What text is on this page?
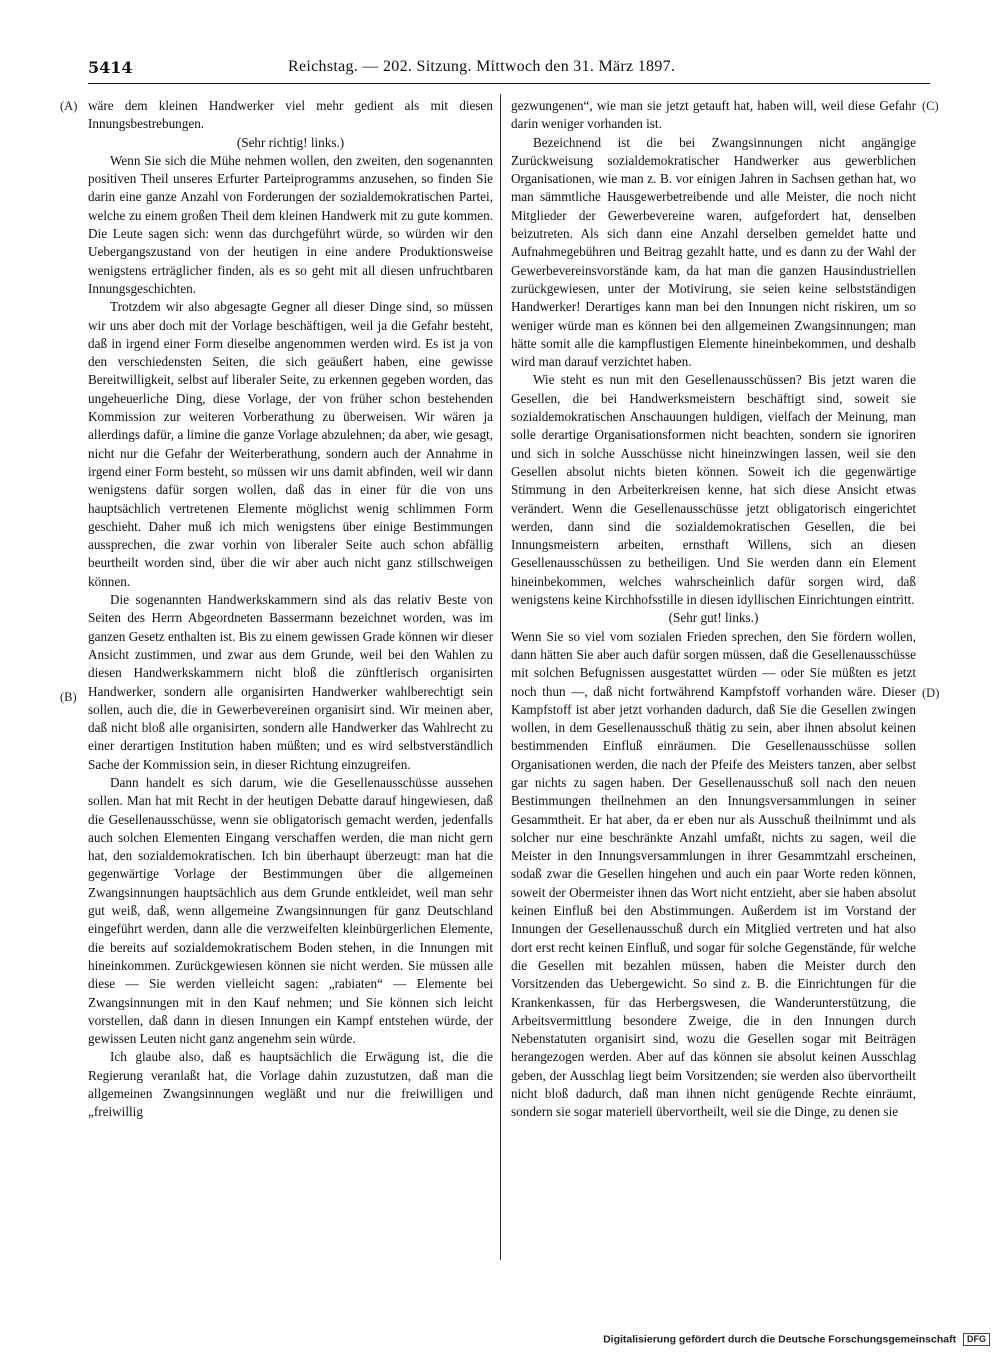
5414	Reichstag. — 202. Sitzung. Mittwoch den 31. März 1897.
(A)
(B)
(C)
(D)

wäre dem kleinen Handwerker viel mehr gedient als mit diesen Innungsbestrebungen.

(Sehr richtig! links.)

Wenn Sie sich die Mühe nehmen wollen, den zweiten, den sogenannten positiven Theil unseres Erfurter Parteiprogramms anzusehen, so finden Sie darin eine ganze Anzahl von Forderungen der sozialdemokratischen Partei, welche zu einem großen Theil dem kleinen Handwerk mit zu gute kommen. Die Leute sagen sich: wenn das durchgeführt würde, so würden wir den Uebergangszustand von der heutigen in eine andere Produktionsweise wenigstens erträglicher finden, als es so geht mit all diesen unfruchtbaren Innungsgeschichten.

Trotzdem wir also abgesagte Gegner all dieser Dinge sind, so müssen wir uns aber doch mit der Vorlage beschäftigen, weil ja die Gefahr besteht, daß in irgend einer Form dieselbe angenommen werden wird. Es ist ja von den verschiedensten Seiten, die sich geäußert haben, eine gewisse Bereitwilligkeit, selbst auf liberaler Seite, zu erkennen gegeben worden, das ungeheuerliche Ding, diese Vorlage, der von früher schon bestehenden Kommission zur weiteren Vorberathung zu überweisen. Wir wären ja allerdings dafür, a limine die ganze Vorlage abzulehnen; da aber, wie gesagt, nicht nur die Gefahr der Weiterberathung, sondern auch der Annahme in irgend einer Form besteht, so müssen wir uns damit abfinden, weil wir dann wenigstens dafür sorgen wollen, daß das in einer für die von uns hauptsächlich vertretenen Elemente möglichst wenig schlimmen Form geschieht. Daher muß ich mich wenigstens über einige Bestimmungen aussprechen, die zwar vorhin von liberaler Seite auch schon abfällig beurtheilt worden sind, über die wir aber auch nicht ganz stillschweigen können.

Die sogenannten Handwerkskammern sind als das relativ Beste von Seiten des Herrn Abgeordneten Bassermann bezeichnet worden, was im ganzen Gesetz enthalten ist. Bis zu einem gewissen Grade können wir dieser Ansicht zustimmen, und zwar aus dem Grunde, weil bei den Wahlen zu diesen Handwerkskammern nicht bloß die zünftlerisch organisirten Handwerker, sondern alle organisirten Handwerker wahlberechtigt sein sollen, auch die, die in Gewerbevereinen organisirt sind. Wir meinen aber, daß nicht bloß alle organisirten, sondern alle Handwerker das Wahlrecht zu einer derartigen Institution haben müßten; und es wird selbstverständlich Sache der Kommission sein, in dieser Richtung einzugreifen.

Dann handelt es sich darum, wie die Gesellenausschüsse aussehen sollen. Man hat mit Recht in der heutigen Debatte darauf hingewiesen, daß die Gesellenausschüsse, wenn sie obligatorisch gemacht werden, jedenfalls auch solchen Elementen Eingang verschaffen werden, die man nicht gern hat, den sozialdemokratischen. Ich bin überhaupt überzeugt: man hat die gegenwärtige Vorlage der Bestimmungen über die allgemeinen Zwangsinnungen hauptsächlich aus dem Grunde entkleidet, weil man sehr gut weiß, daß, wenn allgemeine Zwangsinnungen für ganz Deutschland eingeführt werden, dann alle die verzweifelten kleinbürgerlichen Elemente, die bereits auf sozialdemokratischem Boden stehen, in die Innungen mit hineinkommen. Zurückgewiesen können sie nicht werden. Sie müssen alle diese — Sie werden vielleicht sagen: „rabiaten“ — Elemente bei Zwangsinnungen mit in den Kauf nehmen; und Sie können sich leicht vorstellen, daß dann in diesen Innungen ein Kampf entstehen würde, der gewissen Leuten nicht ganz angenehm sein würde.

Ich glaube also, daß es hauptsächlich die Erwägung ist, die die Regierung veranlaßt hat, die Vorlage dahin zuzustutzen, daß man die allgemeinen Zwangsinnungen wegläßt und nur die freiwilligen und „freiwillig

gezwungenen“, wie man sie jetzt getauft hat, haben will, weil diese Gefahr darin weniger vorhanden ist.

Bezeichnend ist die bei Zwangsinnungen nicht angängige Zurückweisung sozialdemokratischer Handwerker aus gewerblichen Organisationen, wie man z. B. vor einigen Jahren in Sachsen gethan hat, wo man sämmtliche Hausgewerbetreibende und alle Meister, die noch nicht Mitglieder der Gewerbevereine waren, aufgefordert hat, denselben beizutreten. Als sich dann eine Anzahl derselben gemeldet hatte und Aufnahmegebühren und Beitrag gezahlt hatte, und es dann zu der Wahl der Gewerbevereinsvorstände kam, da hat man die ganzen Hausindustriellen zurückgewiesen, unter der Motivirung, sie seien keine selbstständigen Handwerker! Derartiges kann man bei den Innungen nicht riskiren, um so weniger würde man es können bei den allgemeinen Zwangsinnungen; man hätte somit alle die kampflustigen Elemente hineinbekommen, und deshalb wird man darauf verzichtet haben.

Wie steht es nun mit den Gesellenausschüssen? Bis jetzt waren die Gesellen, die bei Handwerksmeistern beschäftigt sind, soweit sie sozialdemokratischen Anschauungen huldigen, vielfach der Meinung, man solle derartige Organisationsformen nicht beachten, sondern sie ignoriren und sich in solche Ausschüsse nicht hineinzwingen lassen, weil sie den Gesellen absolut nichts bieten können. Soweit ich die gegenwärtige Stimmung in den Arbeiterkreisen kenne, hat sich diese Ansicht etwas verändert. Wenn die Gesellenausschüsse jetzt obligatorisch eingerichtet werden, dann sind die sozialdemokratischen Gesellen, die bei Innungsmeistern arbeiten, ernsthaft Willens, sich an diesen Gesellenausschüssen zu betheiligen. Und Sie werden dann ein Element hineinbekommen, welches wahrscheinlich dafür sorgen wird, daß wenigstens keine Kirchhofsstille in diesen idyllischen Einrichtungen eintritt.

(Sehr gut! links.)

Wenn Sie so viel vom sozialen Frieden sprechen, den Sie fördern wollen, dann hätten Sie aber auch dafür sorgen müssen, daß die Gesellenausschüsse mit solchen Befugnissen ausgestattet würden — oder Sie müßten es jetzt noch thun —, daß nicht fortwährend Kampfstoff vorhanden wäre. Dieser Kampfstoff ist aber jetzt vorhanden dadurch, daß Sie die Gesellen zwingen wollen, in dem Gesellenausschuß thätig zu sein, aber ihnen absolut keinen bestimmenden Einfluß einräumen. Die Gesellenausschüsse sollen Organisationen werden, die nach der Pfeife des Meisters tanzen, aber selbst gar nichts zu sagen haben. Der Gesellenausschuß soll nach den neuen Bestimmungen theilnehmen an den Innungsversammlungen in seiner Gesammtheit. Er hat aber, da er eben nur als Ausschuß theilnimmt und als solcher nur eine beschränkte Anzahl umfaßt, nichts zu sagen, weil die Meister in den Innungsversammlungen in ihrer Gesammtzahl erscheinen, sodaß zwar die Gesellen hingehen und auch ein paar Worte reden können, soweit der Obermeister ihnen das Wort nicht entzieht, aber sie haben absolut keinen Einfluß bei den Abstimmungen. Außerdem ist im Vorstand der Innungen der Gesellenausschuß durch ein Mitglied vertreten und hat also dort erst recht keinen Einfluß, und sogar für solche Gegenstände, für welche die Gesellen mit bezahlen müssen, haben die Meister durch den Vorsitzenden das Uebergewicht. So sind z. B. die Einrichtungen für die Krankenkassen, für das Herbergswesen, die Wanderunterstützung, die Arbeitsvermittlung besondere Zweige, die in den Innungen durch Nebenstatuten organisirt sind, wozu die Gesellen sogar mit Beiträgen herangezogen werden. Aber auf das können sie absolut keinen Ausschlag geben, der Ausschlag liegt beim Vorsitzenden; sie werden also übervortheilt nicht bloß dadurch, daß man ihnen nicht genügende Rechte einräumt, sondern sie sogar materiell übervortheilt, weil sie die Dinge, zu denen sie

Digitalisierung gefördert durch die Deutsche Forschungsgemeinschaft DFG
